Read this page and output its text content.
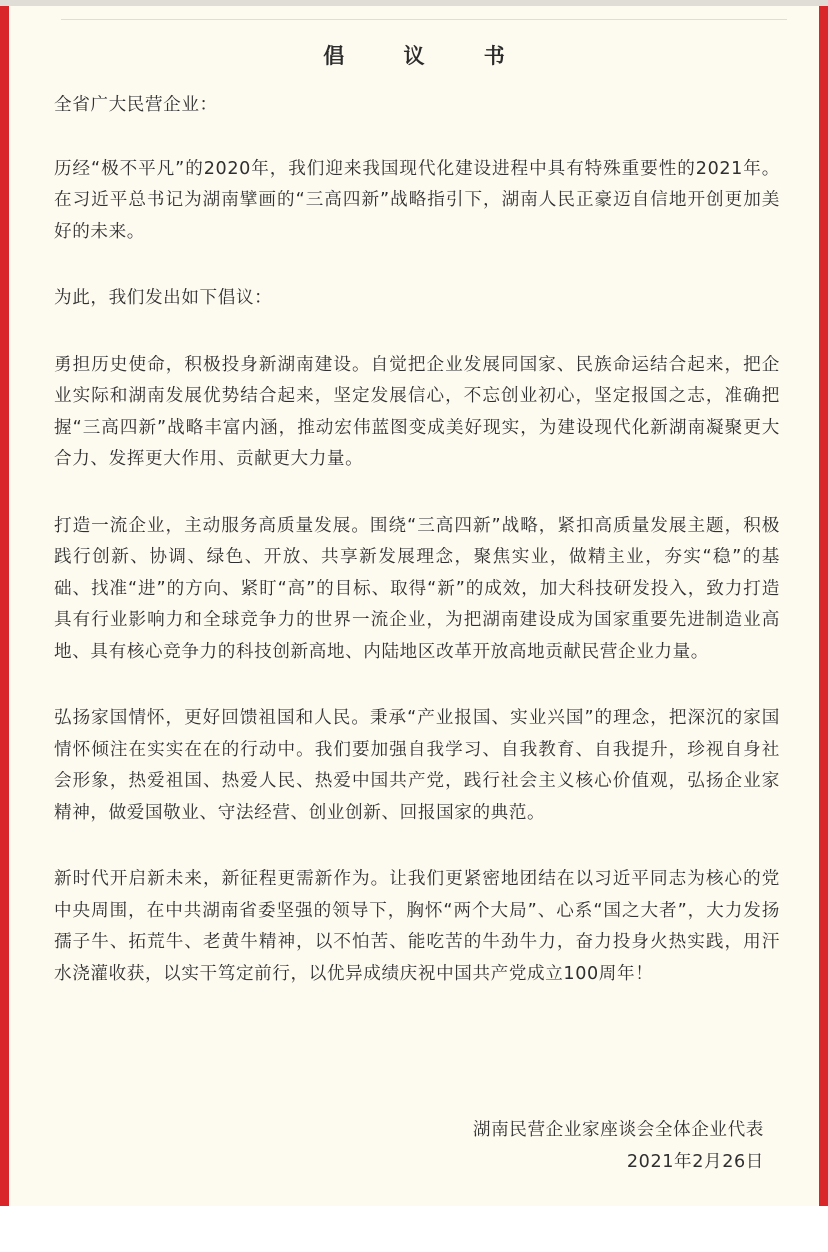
倡 议 书

全省广大民营企业：

历经“极不平凡”的2020年，我们迎来我国现代化建设进程中具有特殊重要性的2021年。在习近平总书记为湖南擘画的“三高四新”战略指引下，湖南人民正豪迈自信地开创更加美好的未来。

为此，我们发出如下倡议：

勇担历史使命，积极投身新湖南建设。自觉把企业发展同国家、民族命运结合起来，把企业实际和湖南发展优势结合起来，坚定发展信心，不忘创业初心，坚定报国之志，准确把握“三高四新”战略丰富内涵，推动宏伟蓝图变成美好现实，为建设现代化新湖南凝聚更大合力、发挥更大作用、贡献更大力量。

打造一流企业，主动服务高质量发展。围绕“三高四新”战略，紧扣高质量发展主题，积极践行创新、协调、绿色、开放、共享新发展理念，聚焦实业，做精主业，夯实“稳”的基础、找准“进”的方向、紧盯“高”的目标、取得“新”的成效，加大科技研发投入，致力打造具有行业影响力和全球竞争力的世界一流企业，为把湖南建设成为国家重要先进制造业高地、具有核心竞争力的科技创新高地、内陆地区改革开放高地贡献民营企业力量。

弘扬家国情怀，更好回馈祖国和人民。秉承“产业报国、实业兴国”的理念，把深沉的家国情怀倾注在实实在在的行动中。我们要加强自我学习、自我教育、自我提升，珍视自身社会形象，热爱祖国、热爱人民、热爱中国共产党，践行社会主义核心价值观，弘扬企业家精神，做爱国敬业、守法经营、创业创新、回报国家的典范。

新时代开启新未来，新征程更需新作为。让我们更紧密地团结在以习近平同志为核心的党中央周围，在中共湖南省委坚强的领导下，胸怀“两个大局”、心系“国之大者”，大力发扬孺子牛、拓荒牛、老黄牛精神，以不怕苦、能吃苦的牛劲牛力，奋力投身火热实践，用汗水浇灌收获，以实干笃定前行，以优异成绩庆祝中国共产党成立100周年！

湖南民营企业家座谈会全体企业代表
2021年2月26日
